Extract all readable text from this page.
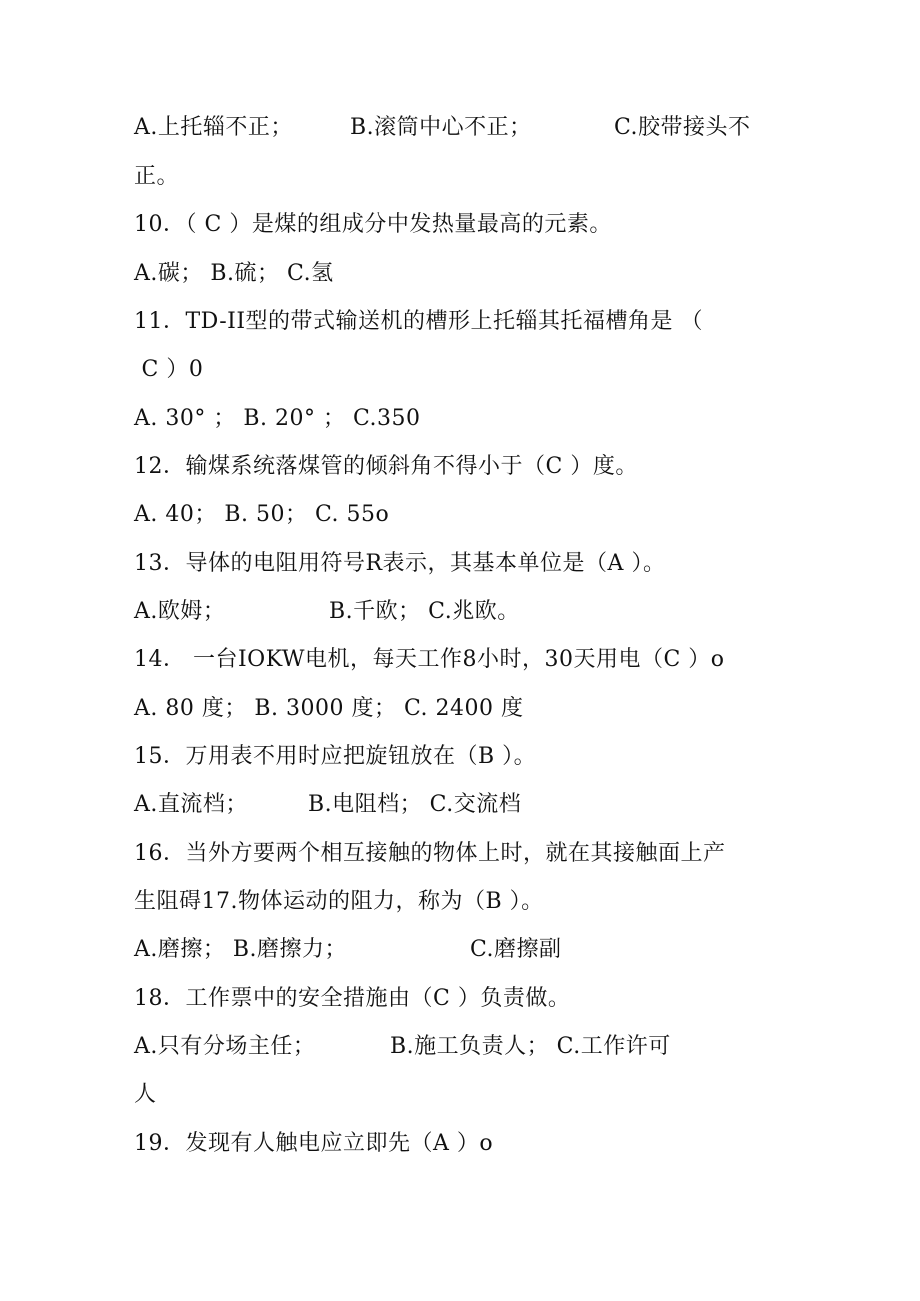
A.上托辎不正；

	B.滚筒中心不正；

	C.胶带接头不

正。
10．（ C ）是煤的组成分中发热量最高的元素。
A.碳； B.硫； C.氢
11．TD-II型的带式输送机的槽形上托辎其托福槽角是 （
C ）0
A. 30° ； B. 20° ； C.350
12．输煤系统落煤管的倾斜角不得小于（C ）度。
A. 40； B. 50； C. 55o
13．导体的电阻用符号R表示，其基本单位是（A ）。

A.欧姆；

	B.千欧； C.兆欧。

14． 一台IOKW电机，每天工作8小时，30天用电（C ）o
A. 80 度； B. 3000 度； C. 2400 度
15．万用表不用时应把旋钮放在（B ）。

A.直流档；

	B.电阻档； C.交流档

16．当外方要两个相互接触的物体上时，就在其接触面上产
生阻碍17.物体运动的阻力，称为（B ）。

A.磨擦； B.磨擦力；

	C.磨擦副

18．工作票中的安全措施由（C ）负责做。

A.只有分场主任；

	B.施工负责人； C.工作许可

人
19．发现有人触电应立即先（A ）o
